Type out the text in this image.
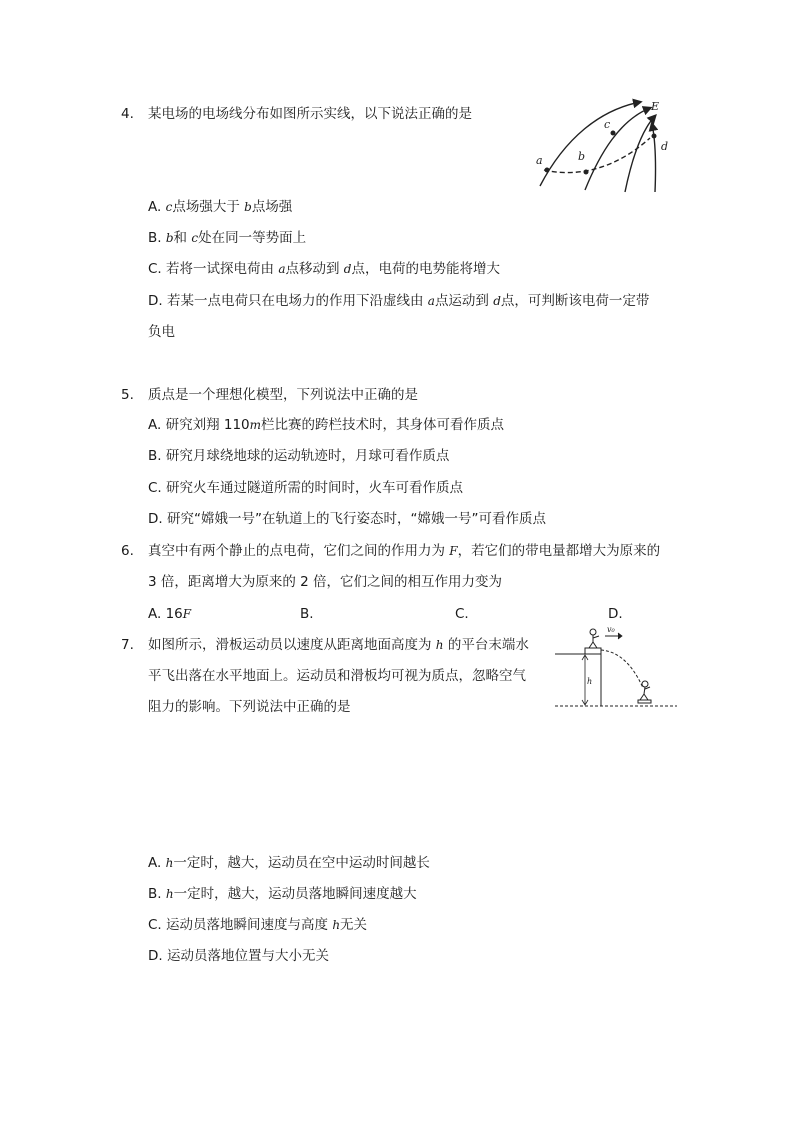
4. 某电场的电场线分布如图所示实线，以下说法正确的是
a	b
c
d
E
A. c点场强大于 b点场强
B. b和 c处在同一等势面上
C. 若将一试探电荷由 a点移动到 d点，电荷的电势能将增大
D. 若某一点电荷只在电场力的作用下沿虚线由 a点运动到 d点，可判断该电荷一定带
负电
5. 质点是一个理想化模型，下列说法中正确的是
A. 研究刘翔 110m栏比赛的跨栏技术时，其身体可看作质点
B. 研究月球绕地球的运动轨迹时，月球可看作质点
C. 研究火车通过隧道所需的时间时，火车可看作质点
D. 研究“嫦娥一号”在轨道上的飞行姿态时，“嫦娥一号”可看作质点
6. 真空中有两个静止的点电荷，它们之间的作用力为 F，若它们的带电量都增大为原来的
3 倍，距离增大为原来的 2 倍，它们之间的相互作用力变为
A. 16F	B.	C.	D.
7. 如图所示，滑板运动员以速度从距离地面高度为 h 的平台末端水
平飞出落在水平地面上。运动员和滑板均可视为质点，忽略空气
阻力的影响。下列说法中正确的是
h
v₀
A. h一定时，越大，运动员在空中运动时间越长
B. h一定时，越大，运动员落地瞬间速度越大
C. 运动员落地瞬间速度与高度 h无关
D. 运动员落地位置与大小无关
